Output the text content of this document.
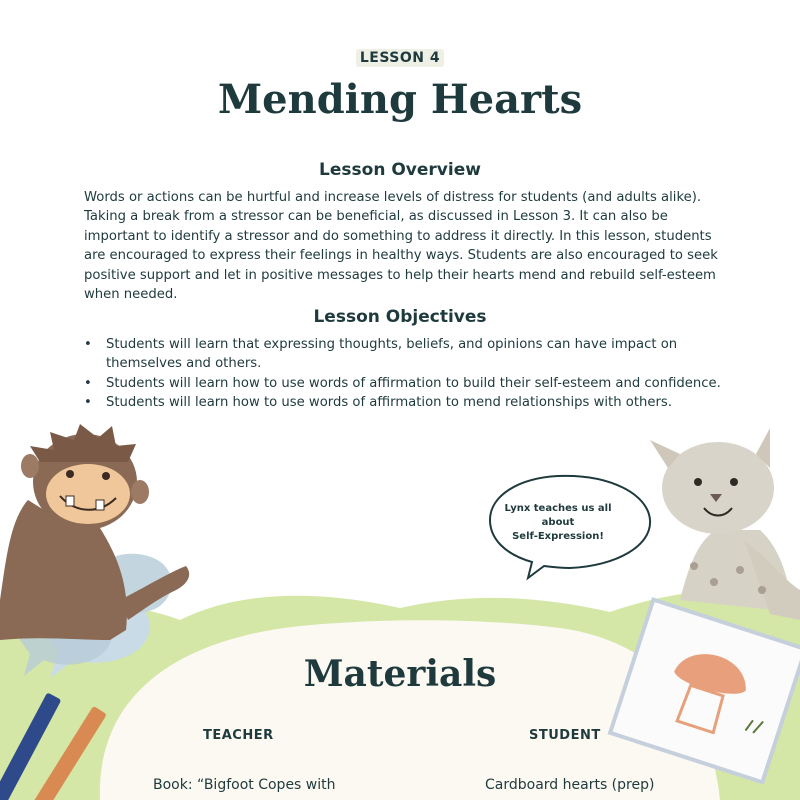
LESSON 4
Mending Hearts
Lesson Overview
Words or actions can be hurtful and increase levels of distress for students (and adults alike). Taking a break from a stressor can be beneficial, as discussed in Lesson 3. It can also be important to identify a stressor and do something to address it directly. In this lesson, students are encouraged to express their feelings in healthy ways. Students are also encouraged to seek positive support and let in positive messages to help their hearts mend and rebuild self-esteem when needed.
Lesson Objectives
• Students will learn that expressing thoughts, beliefs, and opinions can have impact on themselves and others.
• Students will learn how to use words of affirmation to build their self-esteem and confidence.
• Students will learn how to use words of affirmation to mend relationships with others.
Lynx teaches us all about
Self-Expression!
Materials
TEACHER	STUDENT
Book: “Bigfoot Copes with	Cardboard hearts (prep)
